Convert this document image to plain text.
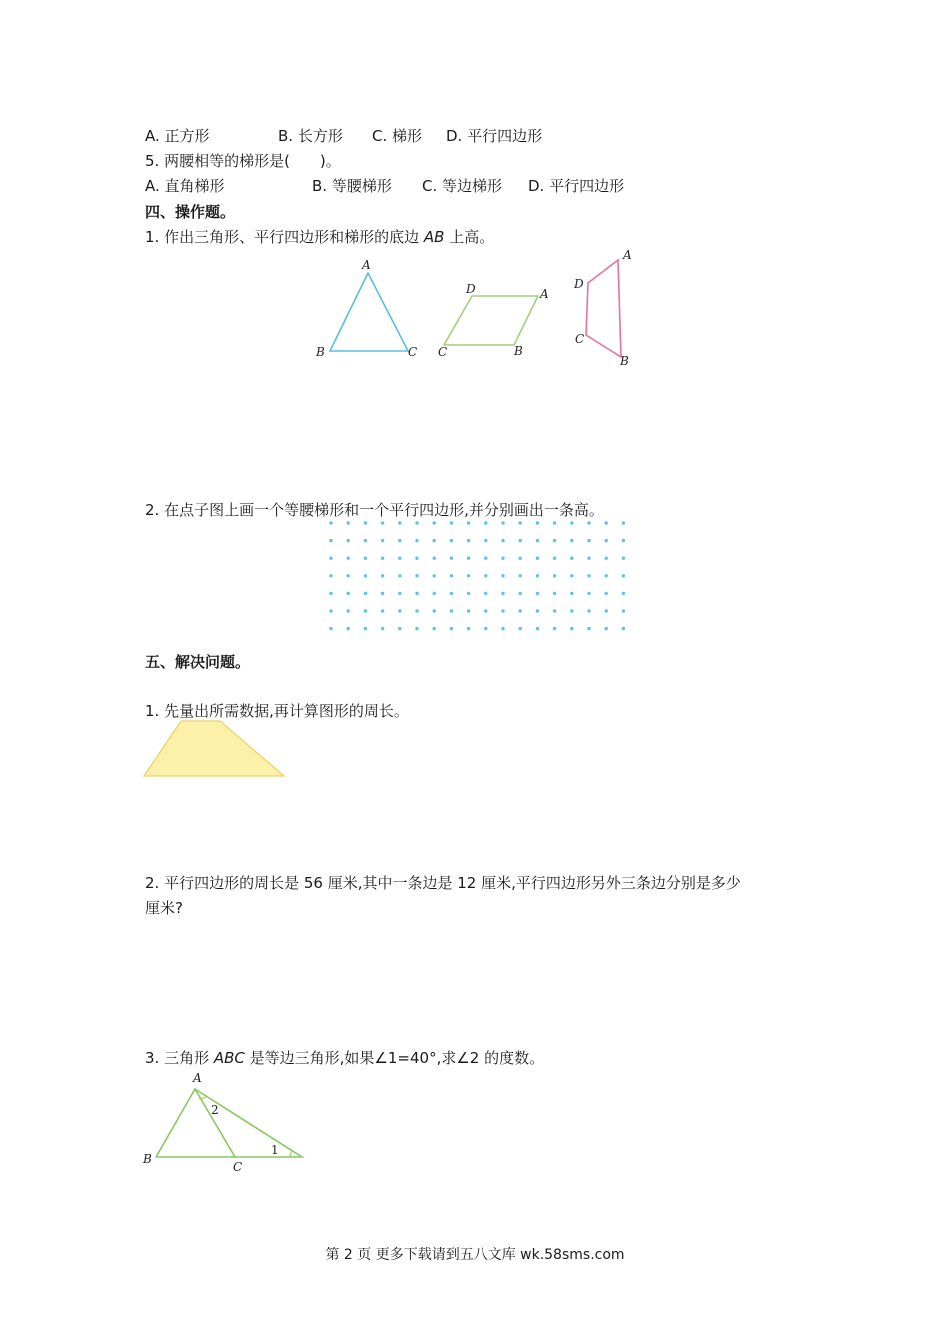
A. 正方形	B. 长方形 C. 梯形 D. 平行四边形
5. 两腰相等的梯形是(　　)。
A. 直角梯形	B. 等腰梯形 C. 等边梯形 D. 平行四边形
四、操作题。
1. 作出三角形、平行四边形和梯形的底边 AB 上高。
A
B	C
D	A
C	B
A
D
C
B
2. 在点子图上画一个等腰梯形和一个平行四边形,并分别画出一条高。
五、解决问题。
1. 先量出所需数据,再计算图形的周长。
2. 平行四边形的周长是 56 厘米,其中一条边是 12 厘米,平行四边形另外三条边分别是多少
厘米?
3. 三角形 ABC 是等边三角形,如果∠1=40°,求∠2 的度数。
A
B
C
1
2
第 2 页 更多下载请到五八文库 wk.58sms.com
